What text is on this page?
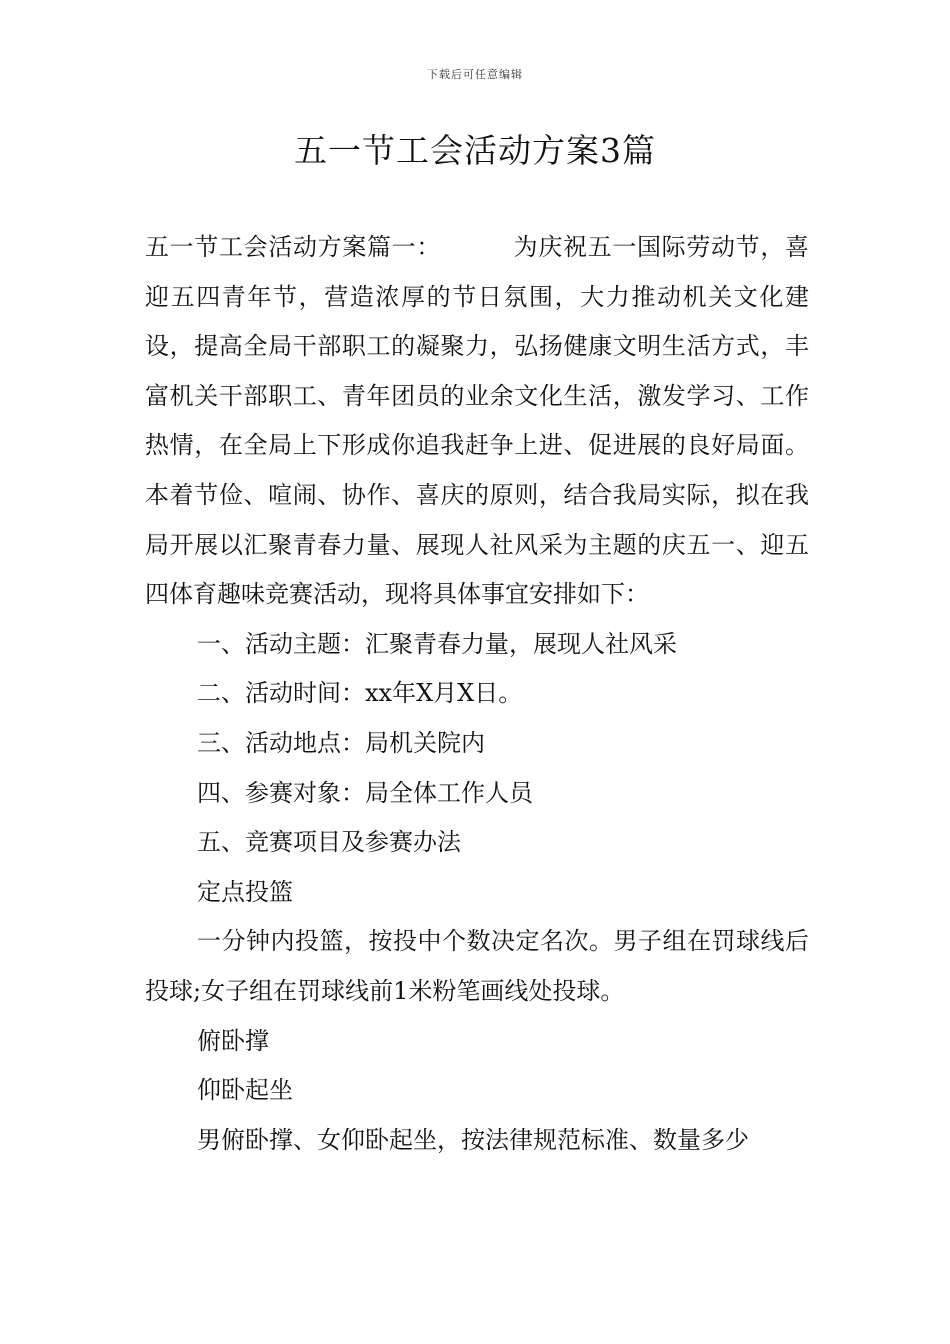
下载后可任意编辑
五一节工会活动方案3篇

五一节工会活动方案篇一：	为庆祝五一国际劳动节，喜迎五四青年节，营造浓厚的节日氛围，大力推动机关文化建设，提高全局干部职工的凝聚力，弘扬健康文明生活方式，丰富机关干部职工、青年团员的业余文化生活，激发学习、工作热情，在全局上下形成你追我赶争上进、促进展的良好局面。本着节俭、喧闹、协作、喜庆的原则，结合我局实际，拟在我局开展以汇聚青春力量、展现人社风采为主题的庆五一、迎五四体育趣味竞赛活动，现将具体事宜安排如下：

一、活动主题：汇聚青春力量，展现人社风采

二、活动时间：xx年X月X日。

三、活动地点：局机关院内

四、参赛对象：局全体工作人员

五、竞赛项目及参赛办法

定点投篮

一分钟内投篮，按投中个数决定名次。男子组在罚球线后投球;女子组在罚球线前1米粉笔画线处投球。

俯卧撑

仰卧起坐

男俯卧撑、女仰卧起坐，按法律规范标准、数量多少
